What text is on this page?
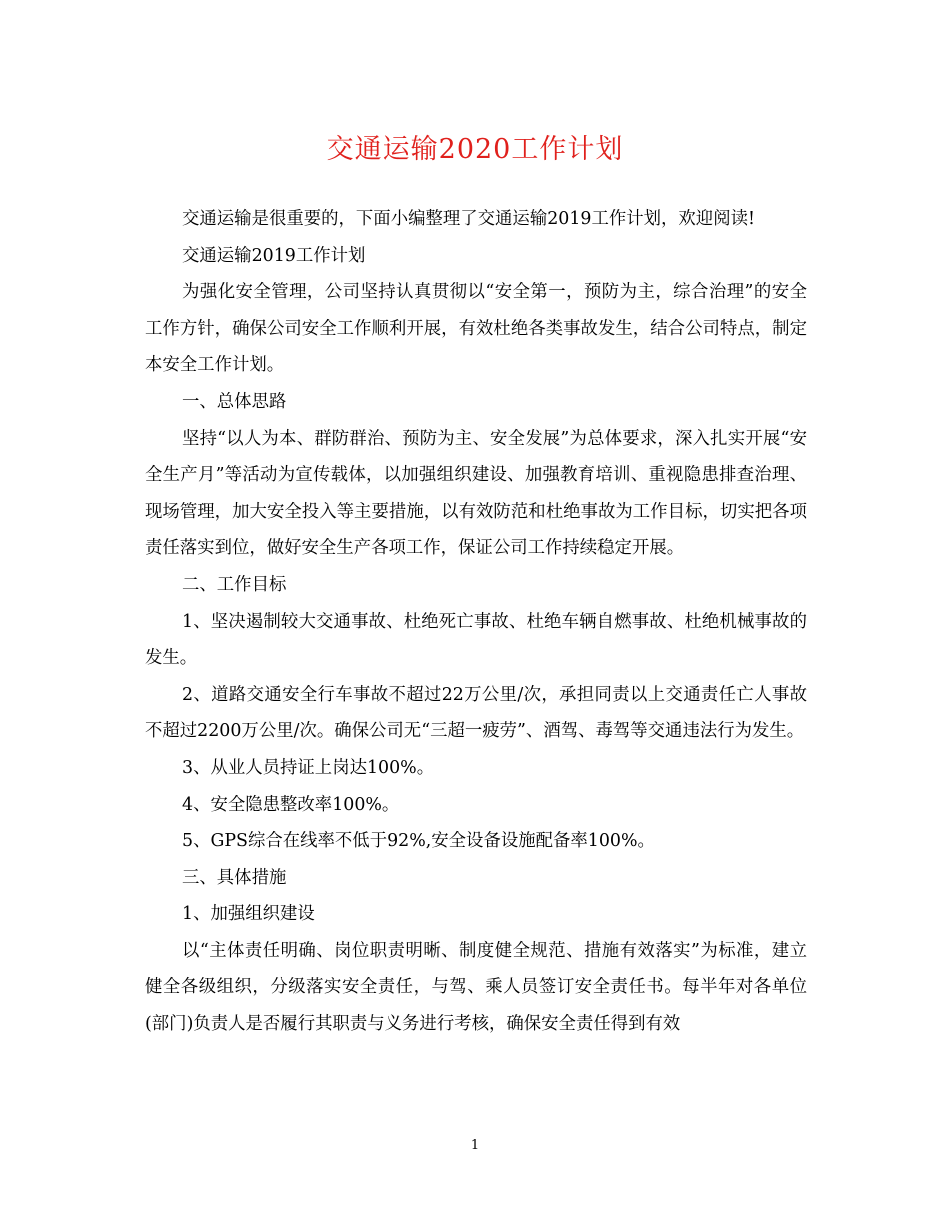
交通运输2020工作计划

交通运输是很重要的，下面小编整理了交通运输2019工作计划，欢迎阅读!

交通运输2019工作计划

为强化安全管理，公司坚持认真贯彻以“安全第一，预防为主，综合治理”的安全工作方针，确保公司安全工作顺利开展，有效杜绝各类事故发生，结合公司特点，制定本安全工作计划。

一、总体思路

坚持“以人为本、群防群治、预防为主、安全发展”为总体要求，深入扎实开展“安全生产月”等活动为宣传载体，以加强组织建设、加强教育培训、重视隐患排查治理、现场管理，加大安全投入等主要措施，以有效防范和杜绝事故为工作目标，切实把各项责任落实到位，做好安全生产各项工作，保证公司工作持续稳定开展。

二、工作目标

1、坚决遏制较大交通事故、杜绝死亡事故、杜绝车辆自燃事故、杜绝机械事故的发生。

2、道路交通安全行车事故不超过22万公里/次，承担同责以上交通责任亡人事故不超过2200万公里/次。确保公司无“三超一疲劳”、酒驾、毒驾等交通违法行为发生。

3、从业人员持证上岗达100%。

4、安全隐患整改率100%。

5、GPS综合在线率不低于92%,安全设备设施配备率100%。

三、具体措施

1、加强组织建设

以“主体责任明确、岗位职责明晰、制度健全规范、措施有效落实”为标准，建立健全各级组织，分级落实安全责任，与驾、乘人员签订安全责任书。每半年对各单位(部门)负责人是否履行其职责与义务进行考核，确保安全责任得到有效

1
